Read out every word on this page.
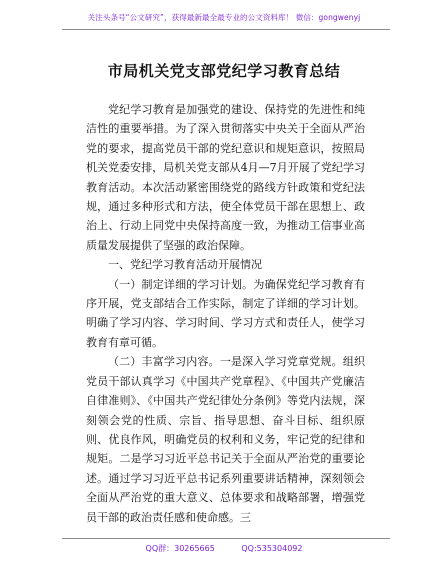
关注头条号“公文研究”，获得最新最全最专业的公文资料库！ 微信：gongwenyj
市局机关党支部党纪学习教育总结

党纪学习教育是加强党的建设、保持党的先进性和纯洁性的重要举措。为了深入贯彻落实中央关于全面从严治党的要求，提高党员干部的党纪意识和规矩意识，按照局机关党委安排，局机关党支部从4月—7月开展了党纪学习教育活动。本次活动紧密围绕党的路线方针政策和党纪法规，通过多种形式和方法，使全体党员干部在思想上、政治上、行动上同党中央保持高度一致，为推动工信事业高质量发展提供了坚强的政治保障。

一、党纪学习教育活动开展情况

（一）制定详细的学习计划。为确保党纪学习教育有序开展，党支部结合工作实际，制定了详细的学习计划。明确了学习内容、学习时间、学习方式和责任人，使学习教育有章可循。

（二）丰富学习内容。一是深入学习党章党规。组织党员干部认真学习《中国共产党章程》、《中国共产党廉洁自律准则》、《中国共产党纪律处分条例》等党内法规，深刻领会党的性质、宗旨、指导思想、奋斗目标、组织原则、优良作风，明确党员的权利和义务，牢记党的纪律和规矩。二是学习习近平总书记关于全面从严治党的重要论述。通过学习习近平总书记系列重要讲话精神，深刻领会全面从严治党的重大意义、总体要求和战略部署，增强党员干部的政治责任感和使命感。三

QQ群：30265665	QQ:535304092
